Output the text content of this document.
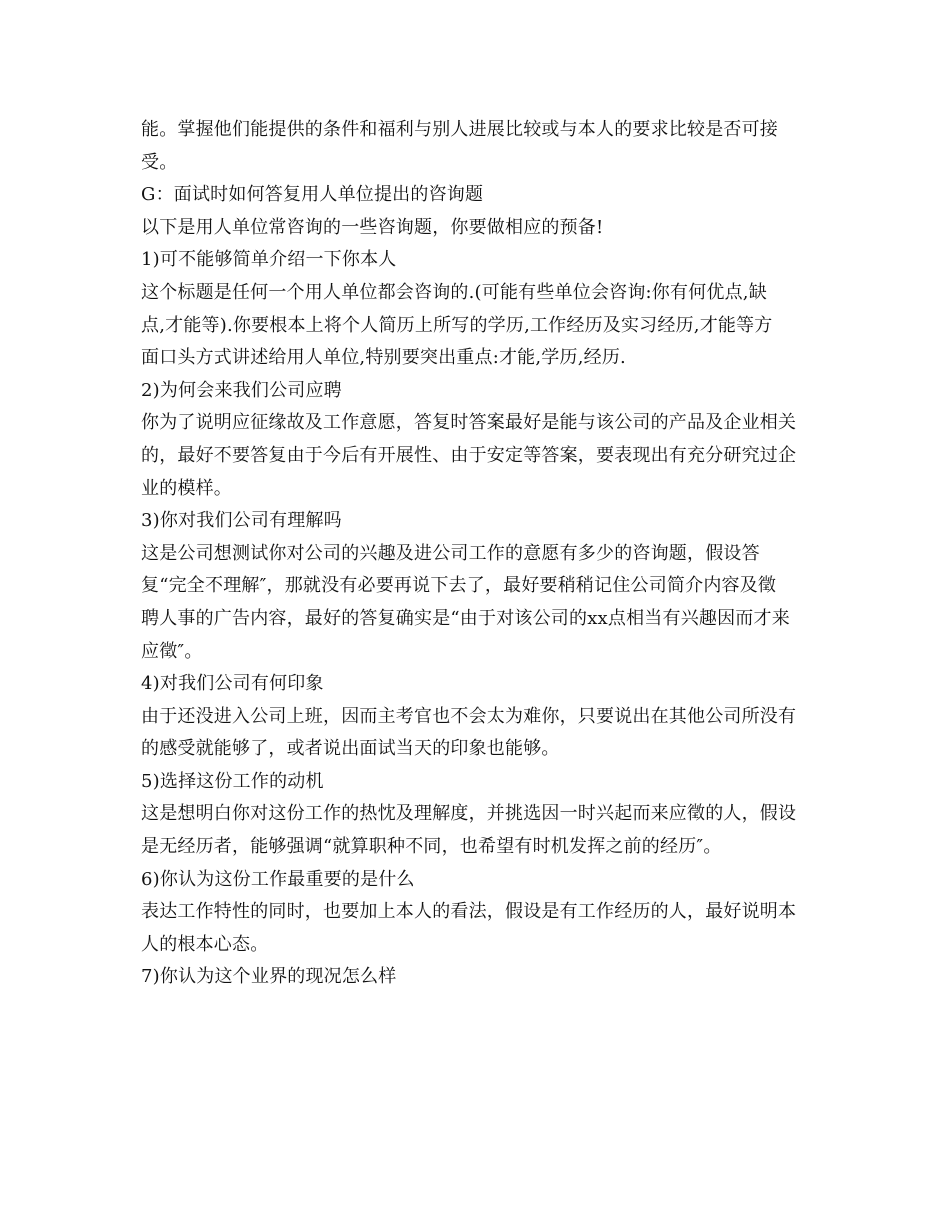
能。掌握他们能提供的条件和福利与别人进展比较或与本人的要求比较是否可接
受。
G：面试时如何答复用人单位提出的咨询题
以下是用人单位常咨询的一些咨询题，你要做相应的预备!
1)可不能够简单介绍一下你本人
这个标题是任何一个用人单位都会咨询的.(可能有些单位会咨询:你有何优点,缺
点,才能等).你要根本上将个人简历上所写的学历,工作经历及实习经历,才能等方
面口头方式讲述给用人单位,特别要突出重点:才能,学历,经历.
2)为何会来我们公司应聘
你为了说明应征缘故及工作意愿，答复时答案最好是能与该公司的产品及企业相关
的，最好不要答复由于今后有开展性、由于安定等答案，要表现出有充分研究过企
业的模样。
3)你对我们公司有理解吗
这是公司想测试你对公司的兴趣及进公司工作的意愿有多少的咨询题，假设答
复“完全不理解″，那就没有必要再说下去了，最好要稍稍记住公司简介内容及徵
聘人事的广告内容，最好的答复确实是“由于对该公司的xx点相当有兴趣因而才来
应徵″。
4)对我们公司有何印象
由于还没进入公司上班，因而主考官也不会太为难你，只要说出在其他公司所没有
的感受就能够了，或者说出面试当天的印象也能够。
5)选择这份工作的动机
这是想明白你对这份工作的热忱及理解度，并挑选因一时兴起而来应徵的人，假设
是无经历者，能够强调“就算职种不同，也希望有时机发挥之前的经历″。
6)你认为这份工作最重要的是什么
表达工作特性的同时，也要加上本人的看法，假设是有工作经历的人，最好说明本
人的根本心态。
7)你认为这个业界的现况怎么样
